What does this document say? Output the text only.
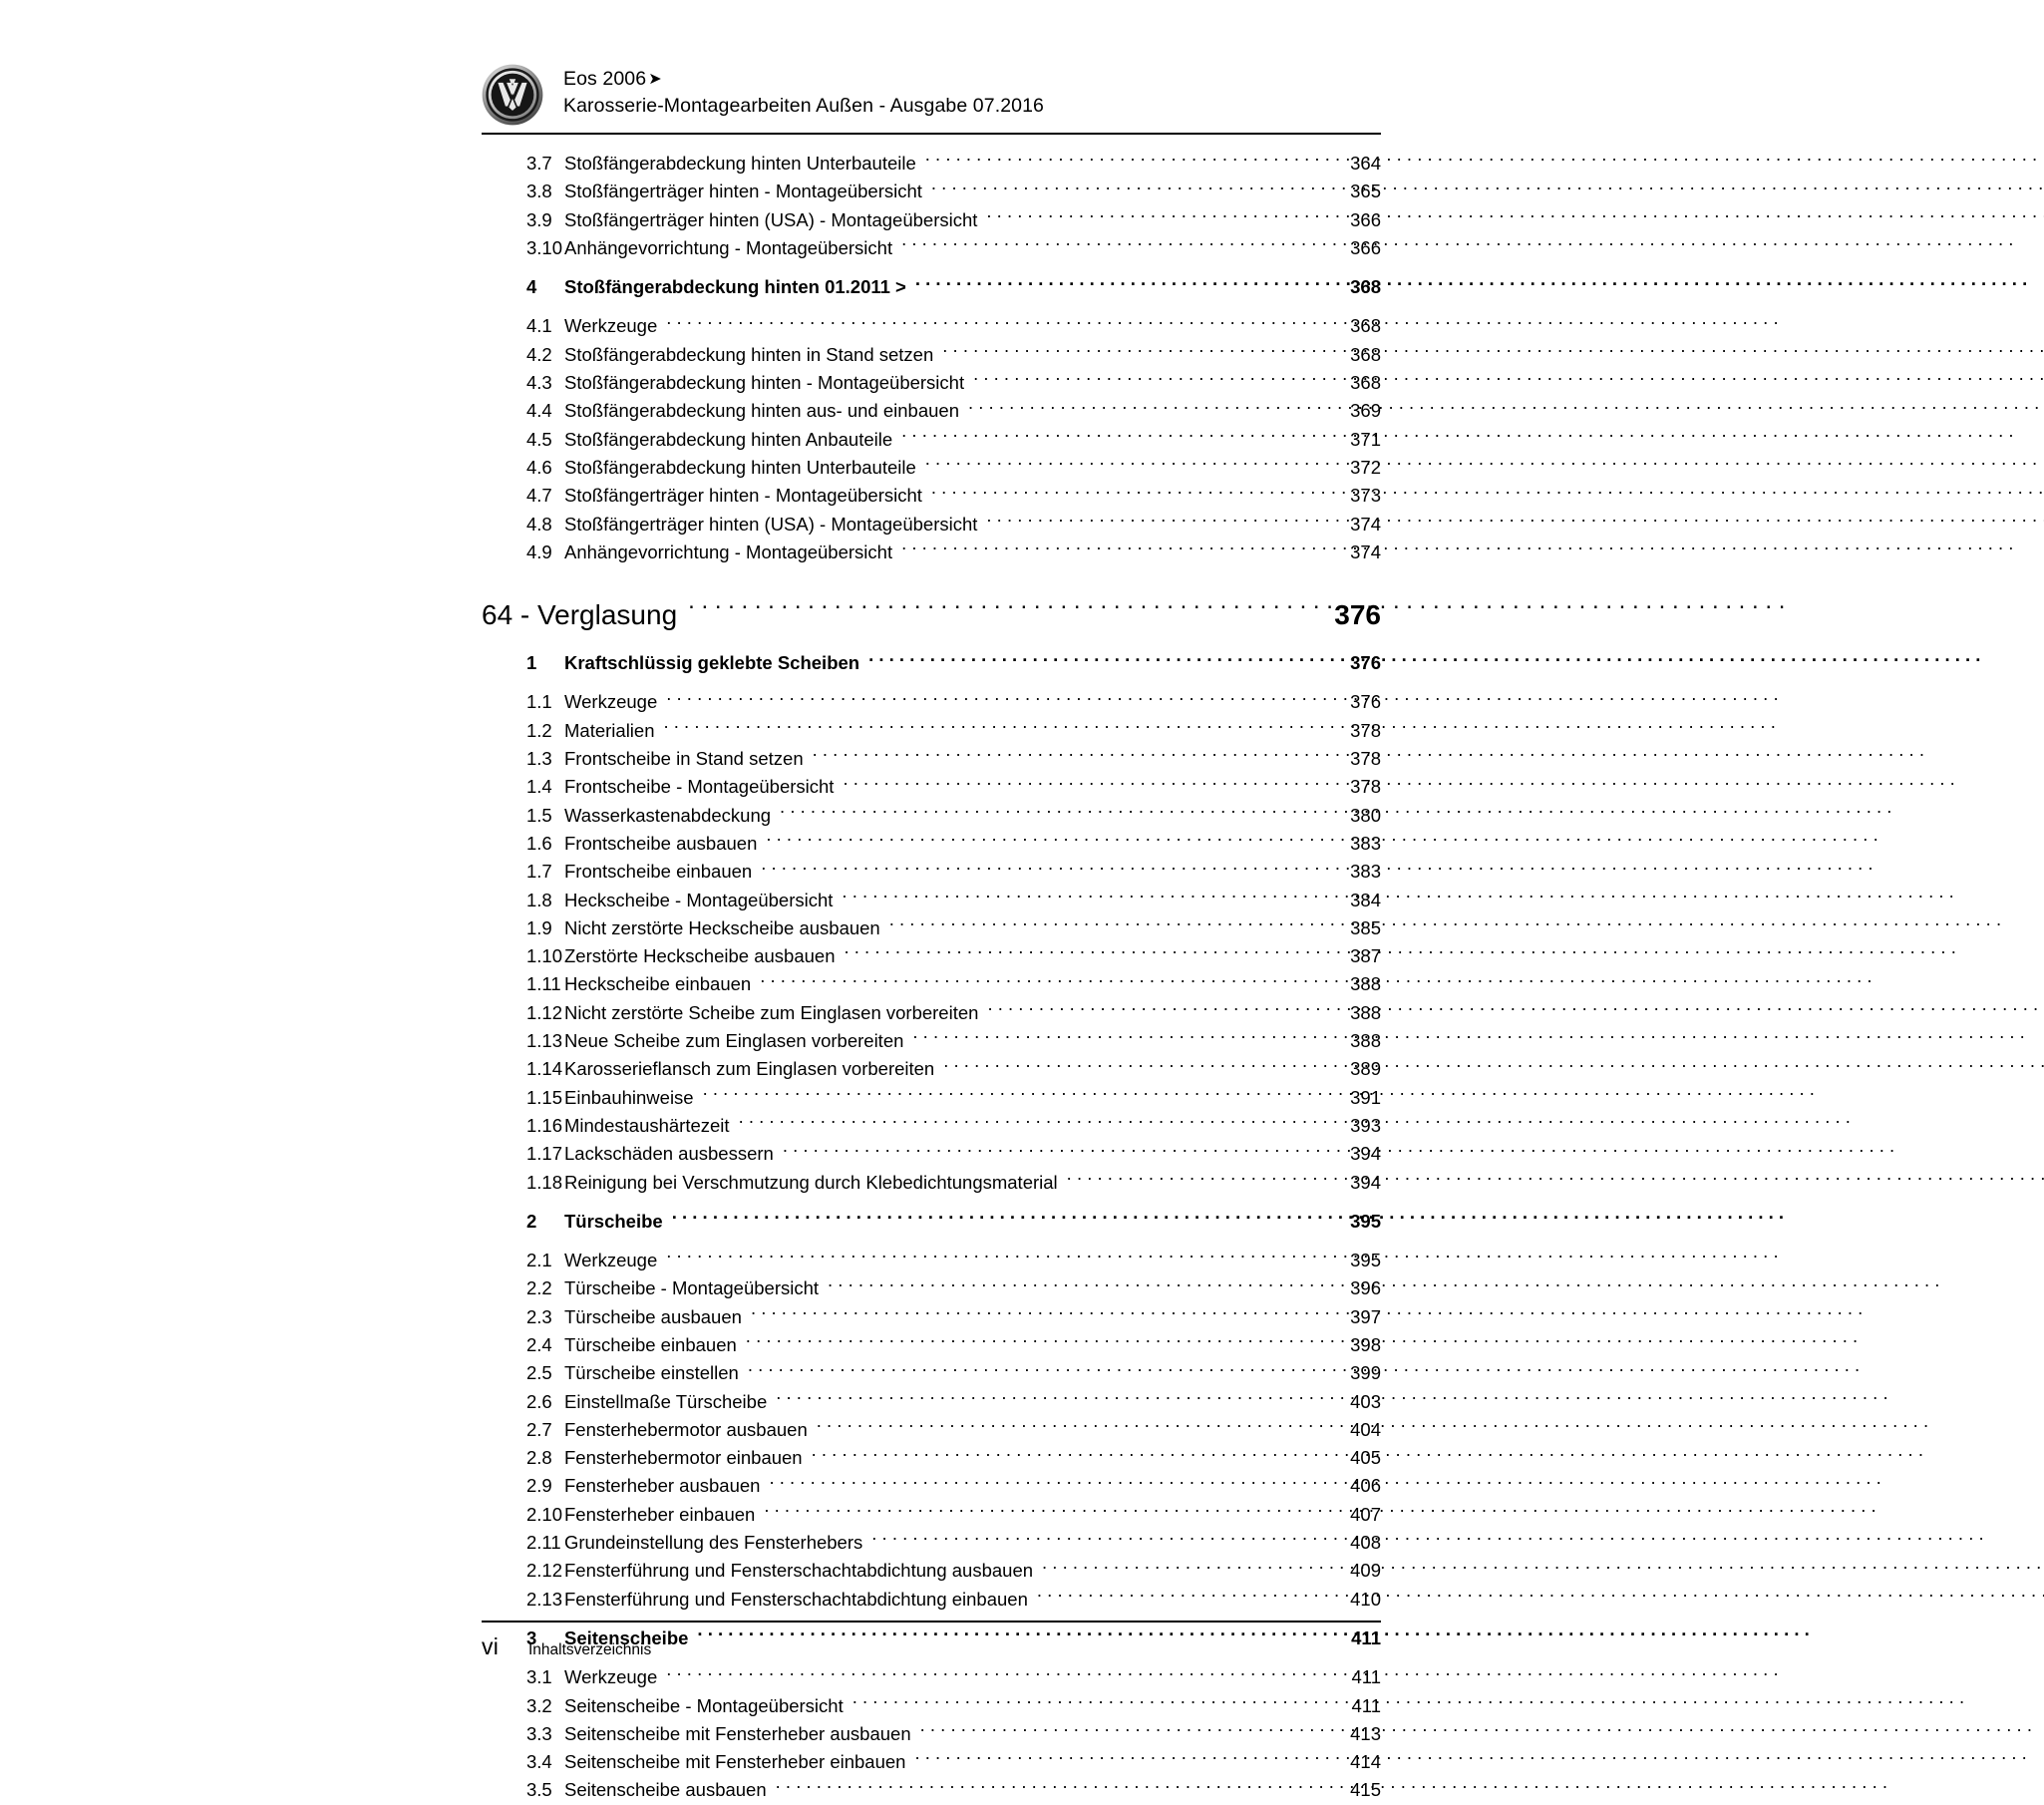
Eos 2006 ➤
Karosserie-Montagearbeiten Außen - Ausgabe 07.2016
3.7 Stoßfängerabdeckung hinten Unterbauteile . . .	364
3.8 Stoßfängerträger hinten - Montageübersicht . . .	365
3.9 Stoßfängerträger hinten (USA) - Montageübersicht . . .	366
3.10 Anhängevorrichtung - Montageübersicht . . .	366
4	Stoßfängerabdeckung hinten 01.2011 > . . .	368
4.1 Werkzeuge . . .	368
4.2 Stoßfängerabdeckung hinten in Stand setzen . . .	368
4.3 Stoßfängerabdeckung hinten - Montageübersicht . . .	368
4.4 Stoßfängerabdeckung hinten aus- und einbauen . . .	369
4.5 Stoßfängerabdeckung hinten Anbauteile . . .	371
4.6 Stoßfängerabdeckung hinten Unterbauteile . . .	372
4.7 Stoßfängerträger hinten - Montageübersicht . . .	373
4.8 Stoßfängerträger hinten (USA) - Montageübersicht . . .	374
4.9 Anhängevorrichtung - Montageübersicht . . .	374
64 - Verglasung . . .	376
1	Kraftschlüssig geklebte Scheiben . . .	376
1.1 Werkzeuge . . .	376
1.2 Materialien . . .	378
1.3 Frontscheibe in Stand setzen . . .	378
1.4 Frontscheibe - Montageübersicht . . .	378
1.5 Wasserkastenabdeckung . . .	380
1.6 Frontscheibe ausbauen . . .	383
1.7 Frontscheibe einbauen . . .	383
1.8 Heckscheibe - Montageübersicht . . .	384
1.9 Nicht zerstörte Heckscheibe ausbauen . . .	385
1.10 Zerstörte Heckscheibe ausbauen . . .	387
1.11 Heckscheibe einbauen . . .	388
1.12 Nicht zerstörte Scheibe zum Einglasen vorbereiten . . .	388
1.13 Neue Scheibe zum Einglasen vorbereiten . . .	388
1.14 Karosserieflansch zum Einglasen vorbereiten . . .	389
1.15 Einbauhinweise . . .	391
1.16 Mindestaushärtezeit . . .	393
1.17 Lackschäden ausbessern . . .	394
1.18 Reinigung bei Verschmutzung durch Klebedichtungsmaterial . . .	394
2	Türscheibe . . .	395
2.1 Werkzeuge . . .	395
2.2 Türscheibe - Montageübersicht . . .	396
2.3 Türscheibe ausbauen . . .	397
2.4 Türscheibe einbauen . . .	398
2.5 Türscheibe einstellen . . .	399
2.6 Einstellmaße Türscheibe . . .	403
2.7 Fensterhebermotor ausbauen . . .	404
2.8 Fensterhebermotor einbauen . . .	405
2.9 Fensterheber ausbauen . . .	406
2.10 Fensterheber einbauen . . .	407
2.11 Grundeinstellung des Fensterhebers . . .	408
2.12 Fensterführung und Fensterschachtabdichtung ausbauen . . .	409
2.13 Fensterführung und Fensterschachtabdichtung einbauen . . .	410
3	Seitenscheibe . . .	411
3.1 Werkzeuge . . .	411
3.2 Seitenscheibe - Montageübersicht . . .	411
3.3 Seitenscheibe mit Fensterheber ausbauen . . .	413
3.4 Seitenscheibe mit Fensterheber einbauen . . .	414
3.5 Seitenscheibe ausbauen . . .	415
vi	Inhaltsverzeichnis
